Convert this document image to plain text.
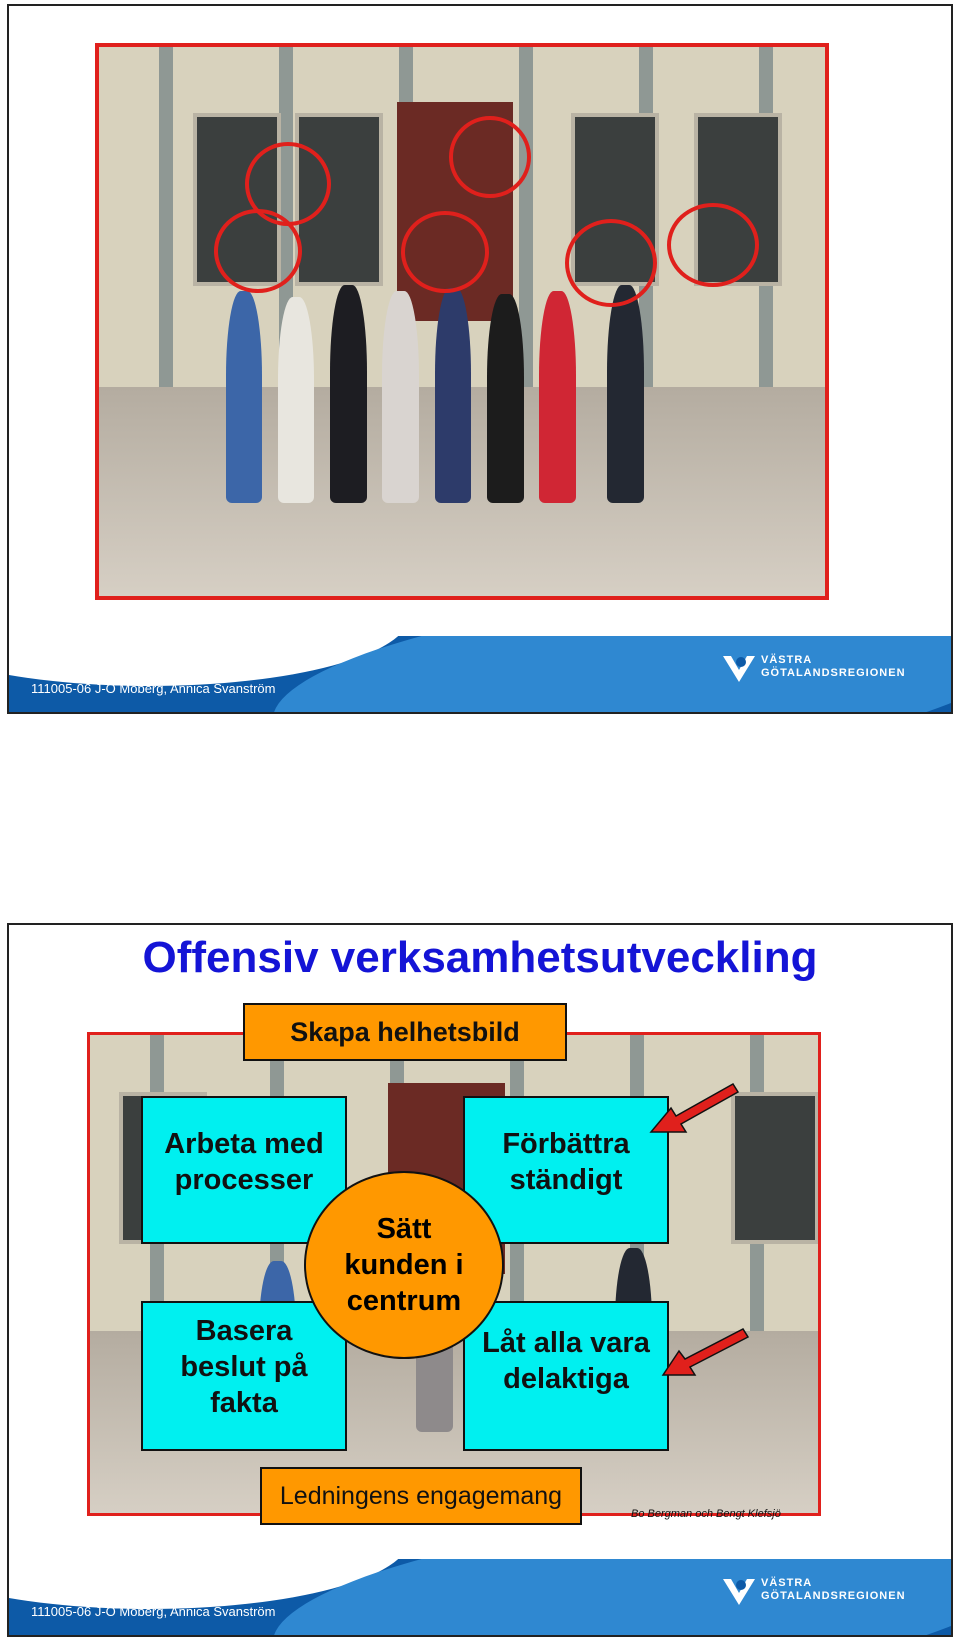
111005-06 J-O Moberg, Annica Svanström
VÄSTRA
GÖTALANDSREGIONEN
Offensiv verksamhetsutveckling
Skapa helhetsbild
Arbeta med
processer
Förbättra
ständigt
Basera
beslut på
fakta
Låt alla vara
delaktiga
Sätt
kunden i
centrum
Ledningens engagemang
Bo Bergman och Bengt Klefsjö
111005-06 J-O Moberg, Annica Svanström
VÄSTRA
GÖTALANDSREGIONEN
